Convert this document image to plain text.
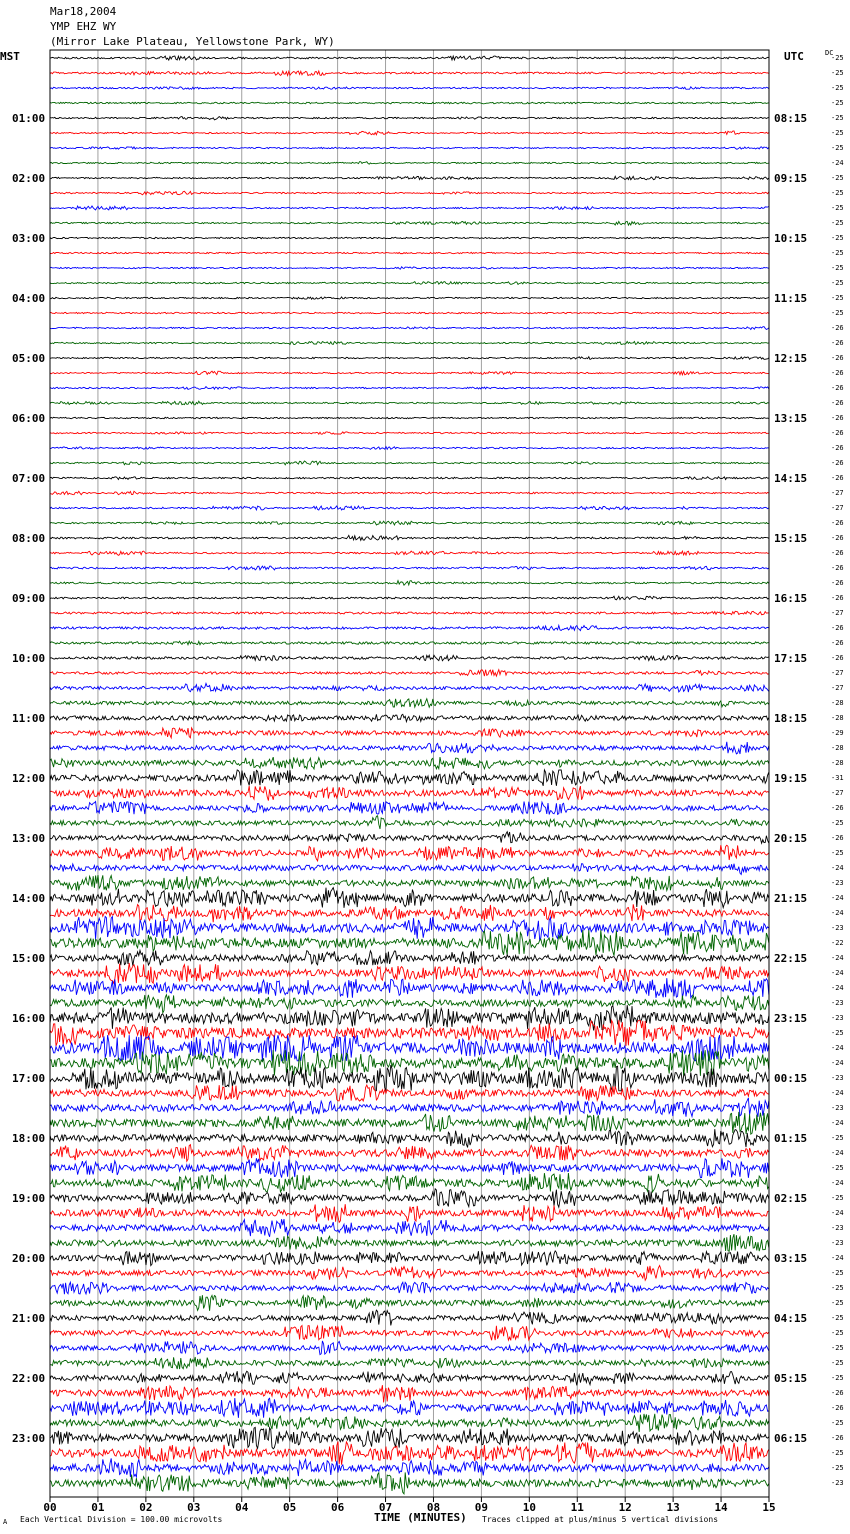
00	01	02	03	04	05	06	07	08	09	10	11	12	13	14	15
Mar18,2004
YMP EHZ WY
(Mirror Lake Plateau, Yellowstone Park, WY)
MST	UTC	DC
01:00
02:00
03:00
04:00
05:00
06:00
07:00
08:00
09:00
10:00
11:00
12:00
13:00
14:00
15:00
16:00
17:00
18:00
19:00
20:00
21:00
22:00
23:00
08:15
09:15
10:15
11:15
12:15
13:15
14:15
15:15
16:15
17:15
18:15
19:15
20:15
21:15
22:15
23:15
00:15
01:15
02:15
03:15
04:15
05:15
06:15
-25
-25
-25
-25
-25
-25
-25
-24
-25
-25
-25
-25
-25
-25
-25
-25
-25
-25
-26
-26
-26
-26
-26
-26
-26
-26
-26
-26
-26
-27
-27
-26
-26
-26
-26
-26
-26
-27
-26
-26
-26
-27
-27
-28
-28
-29
-28
-28
-31
-27
-26
-25
-26
-25
-24
-23
-24
-24
-23
-22
-24
-24
-24
-23
-23
-25
-24
-24
-23
-24
-23
-24
-25
-24
-25
-24
-25
-24
-23
-23
-24
-25
-25
-25
-25
-25
-25
-25
-25
-26
-26
-25
-26
-25
-25
-23
TIME (MINUTES)
A Each Vertical Division = 100.00 microvolts	Traces clipped at plus/minus 5 vertical divisions
